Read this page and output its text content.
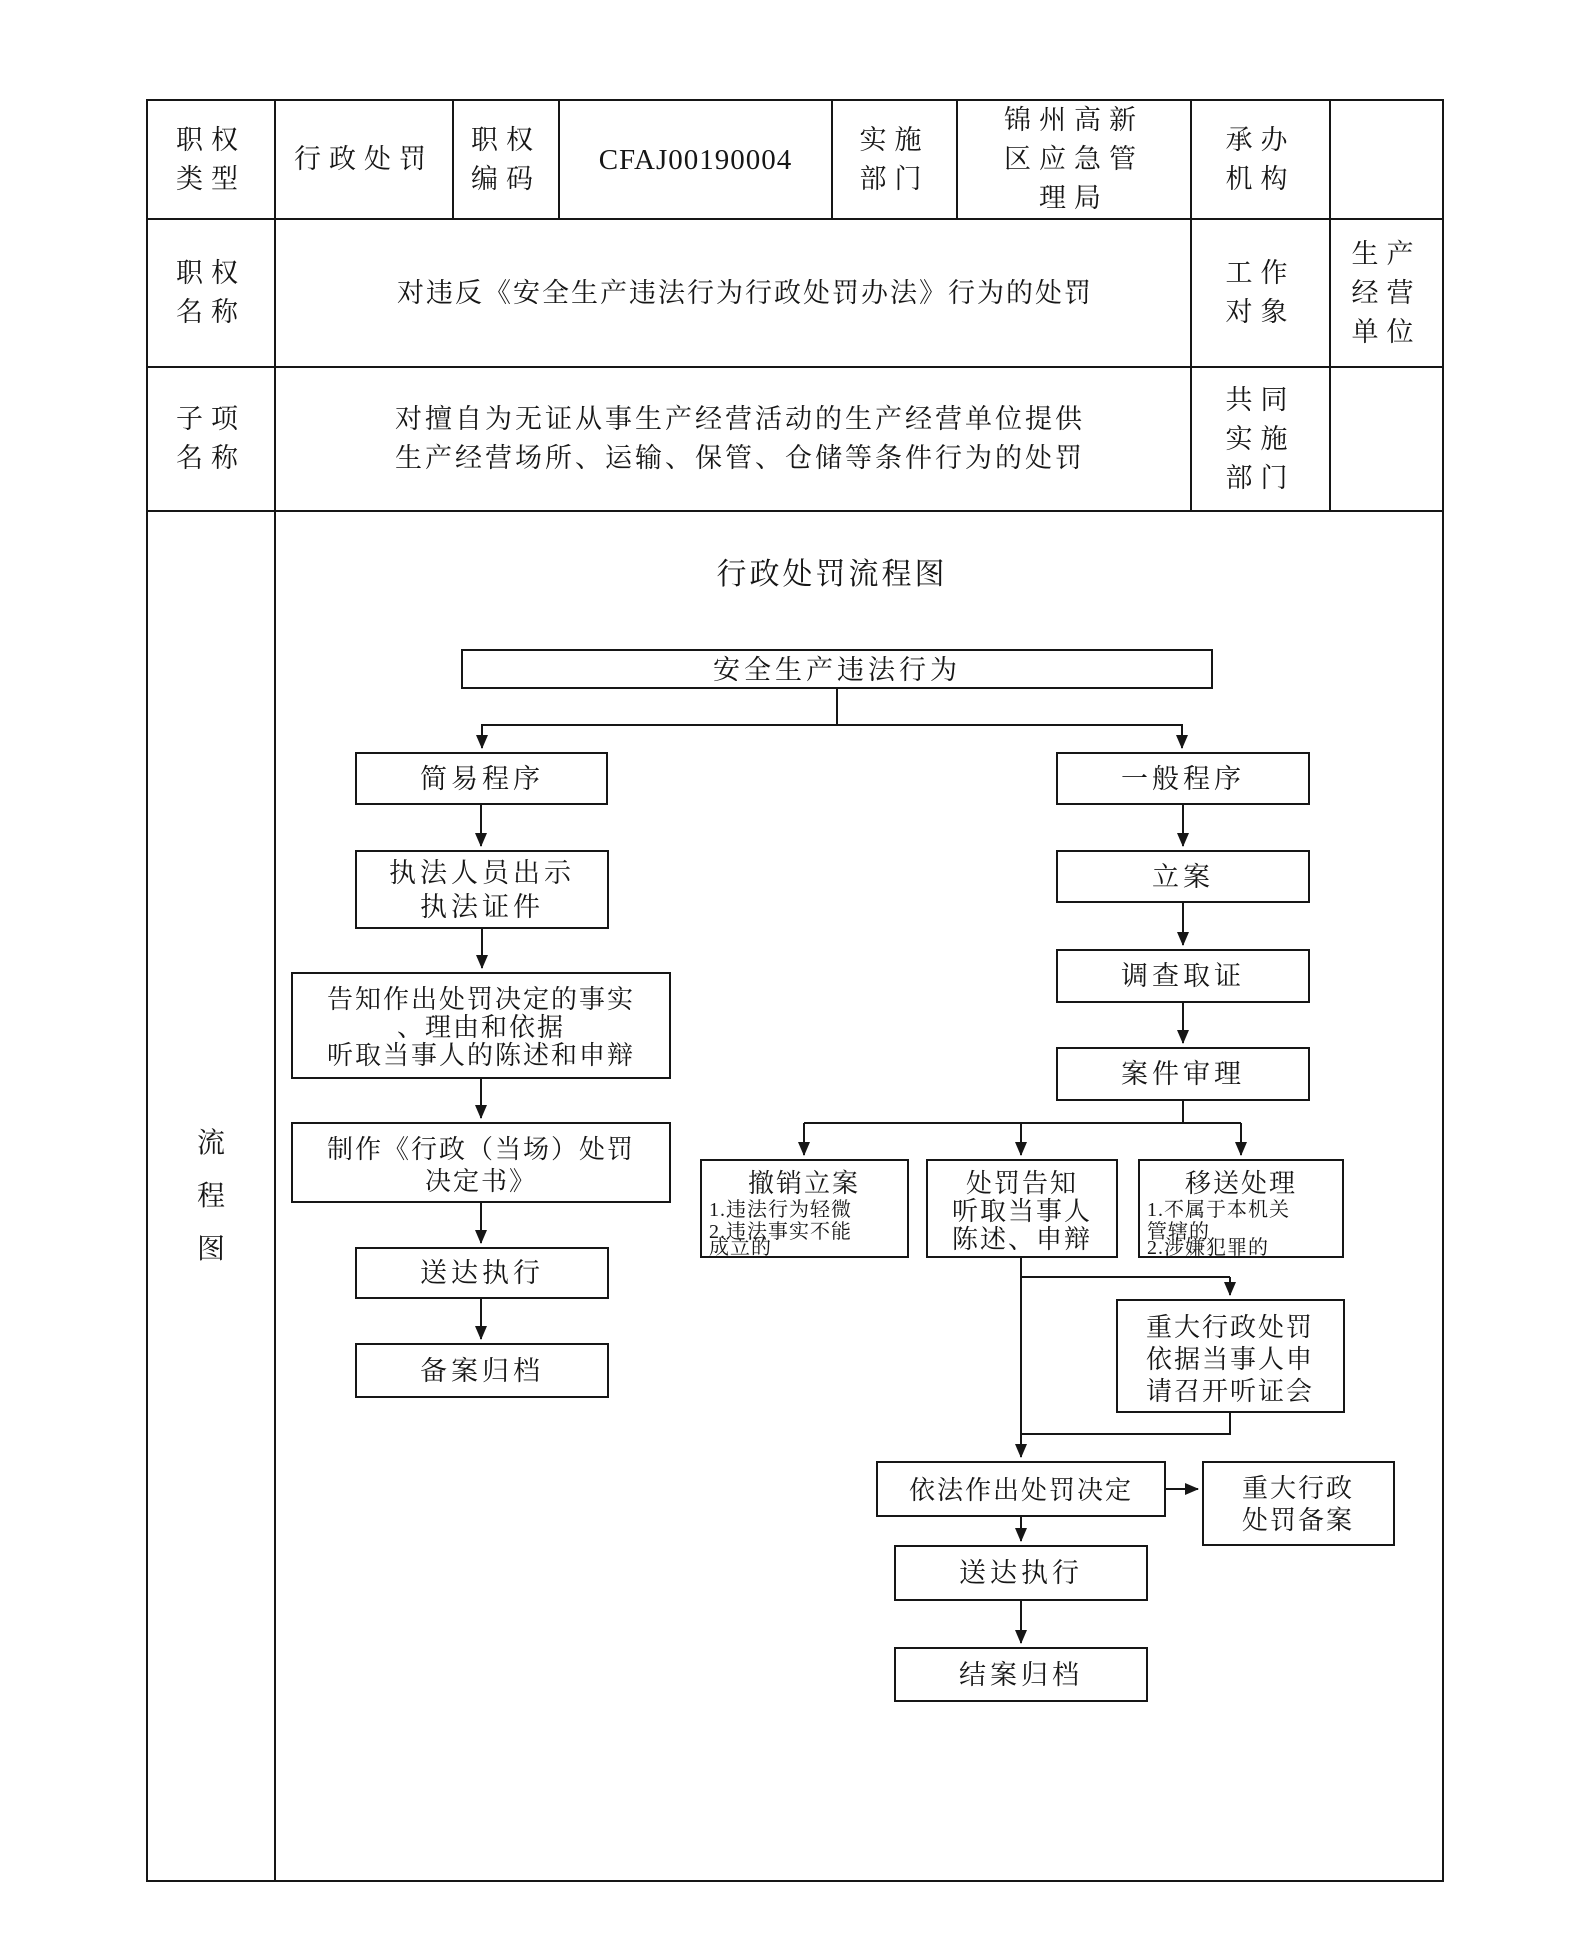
职权类型	行政处罚	职权编码	CFAJ00190004	实施部门	锦州高新区应急管理局	承办机构	
职权名称	对违反《安全生产违法行为行政处罚办法》行为的处罚					工作对象	生产经营单位
子项名称	对擅自为无证从事生产经营活动的生产经营单位提供生产经营场所、运输、保管、仓储等条件行为的处罚					共同实施部门	
流程图	
行政处罚流程图
安全生产违法行为
简易程序	一般程序
执法人员出示
执法证件
立案
告知作出处罚决定的事实
、理由和依据
听取当事人的陈述和申辩
调查取证
制作《行政（当场）处罚
决定书》
案件审理
送达执行
备案归档
撤销立案
1.违法行为轻微
2.违法事实不能
成立的
处罚告知
听取当事人
陈述、申辩
移送处理
1.不属于本机关
管辖的
2.涉嫌犯罪的
重大行政处罚
依据当事人申
请召开听证会
依法作出处罚决定	重大行政
处罚备案
送达执行
结案归档
